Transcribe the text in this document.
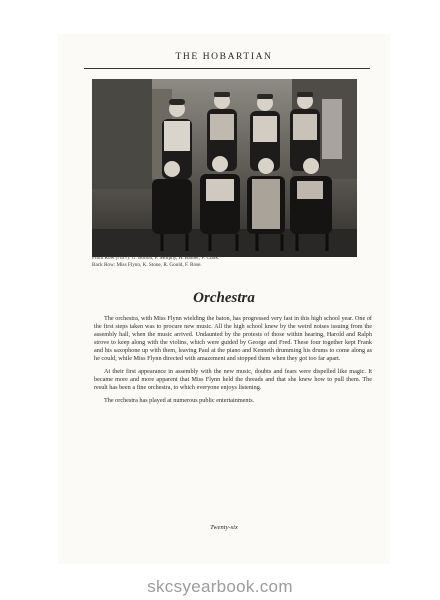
THE HOBARTIAN
Front Row (l to r): G. Bolton, P. Murphy, H. Barber, F. Clark.
Back Row: Miss Flynn, K. Stone, R. Gould, F. Rose.
Orchestra

The orchestra, with Miss Flynn wielding the baton, has progressed very fast in this high school year. One of the first steps taken was to procure new music. All the high school knew by the weird noises issuing from the assembly hall, when the music arrived. Undaunted by the protests of those within hearing, Harold and Ralph strove to keep along with the violins, which were guided by George and Fred. These four together kept Frank and his saxophone up with them, leaving Paul at the piano and Kenneth drumming his drums to come along as he could, while Miss Flynn directed with amazement and stopped them when they got too far apart.

At their first appearance in assembly with the new music, doubts and fears were dispelled like magic. It became more and more apparent that Miss Flynn held the threads and that she knew how to pull them. The result has been a fine orchestra, to which everyone enjoys listening.

The orchestra has played at numerous public entertainments.

Twenty-six
skcsyearbook.com
